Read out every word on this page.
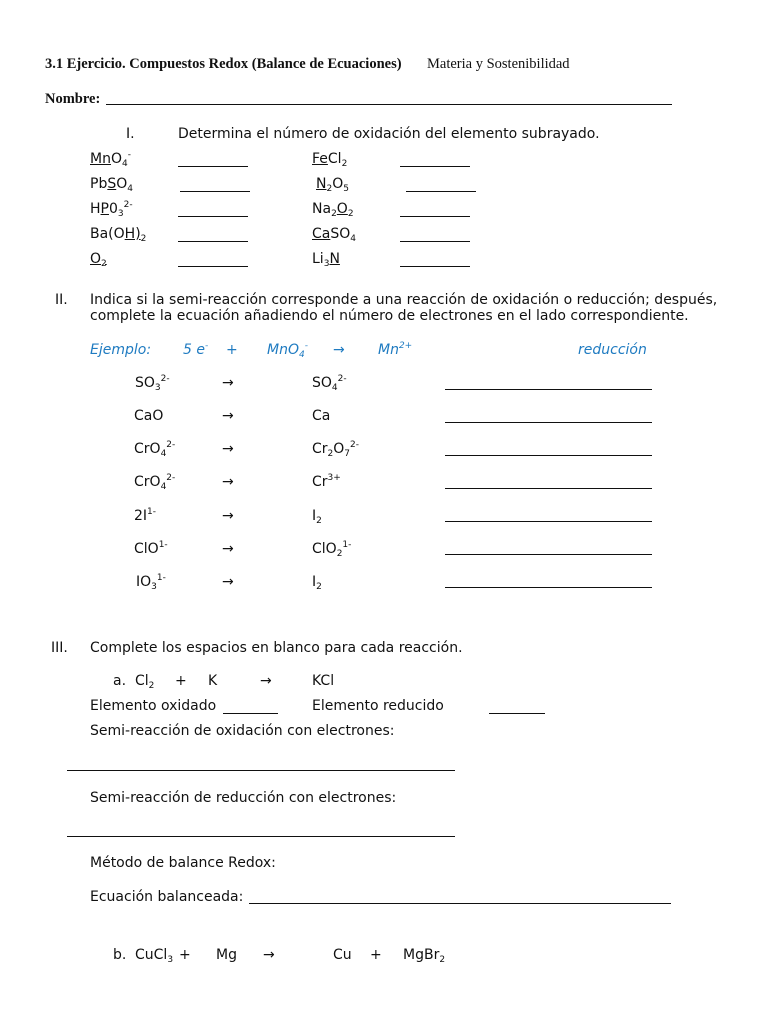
3.1 Ejercicio. Compuestos Redox (Balance de Ecuaciones) Materia y Sostenibilidad
Nombre:
I.	Determina el número de oxidación del elemento subrayado.
MnO$_4$-	FeCl$_2$
PbSO$_4$	$N_2O_5$
$HP0_3^{2-}$	$Na_2O_2$
$Ba(OH)_2$	CaSO$_4$
$O_2$	$Li_3N$
II. Indica si la semi-reacción corresponde a una reacción de oxidación o reducción; después,
complete la ecuación añadiendo el número de electrones en el lado correspondiente.
Ejemplo: 5 $e^- + MnO_4^- \to Mn^{2+}$	reducción
$SO_3^{2-}$	→	$SO_4^{2-}$
CaO	→	Ca
CrO$_4^{2-}$	→	$Cr_2O_7^{2-}$
CrO$_4^{2-}$	→	$Cr^{3+}$
$2I^{1-}$	→	$I_2$
ClO$^{1-}$	→	ClO$_2^{1-}$
$IO_3^{1-}$	→	$I_2$
III. Complete los espacios en blanco para cada reacción.
a. $Cl_2 + K$	→	KCl
Elemento oxidado	Elemento reducido
Semi-reacción de oxidación con electrones:
Semi-reacción de reducción con electrones:
Método de balance Redox:
Ecuación balanceada:
b. CuCl$_3$ + Mg →	Cu + MgBr$_2$
